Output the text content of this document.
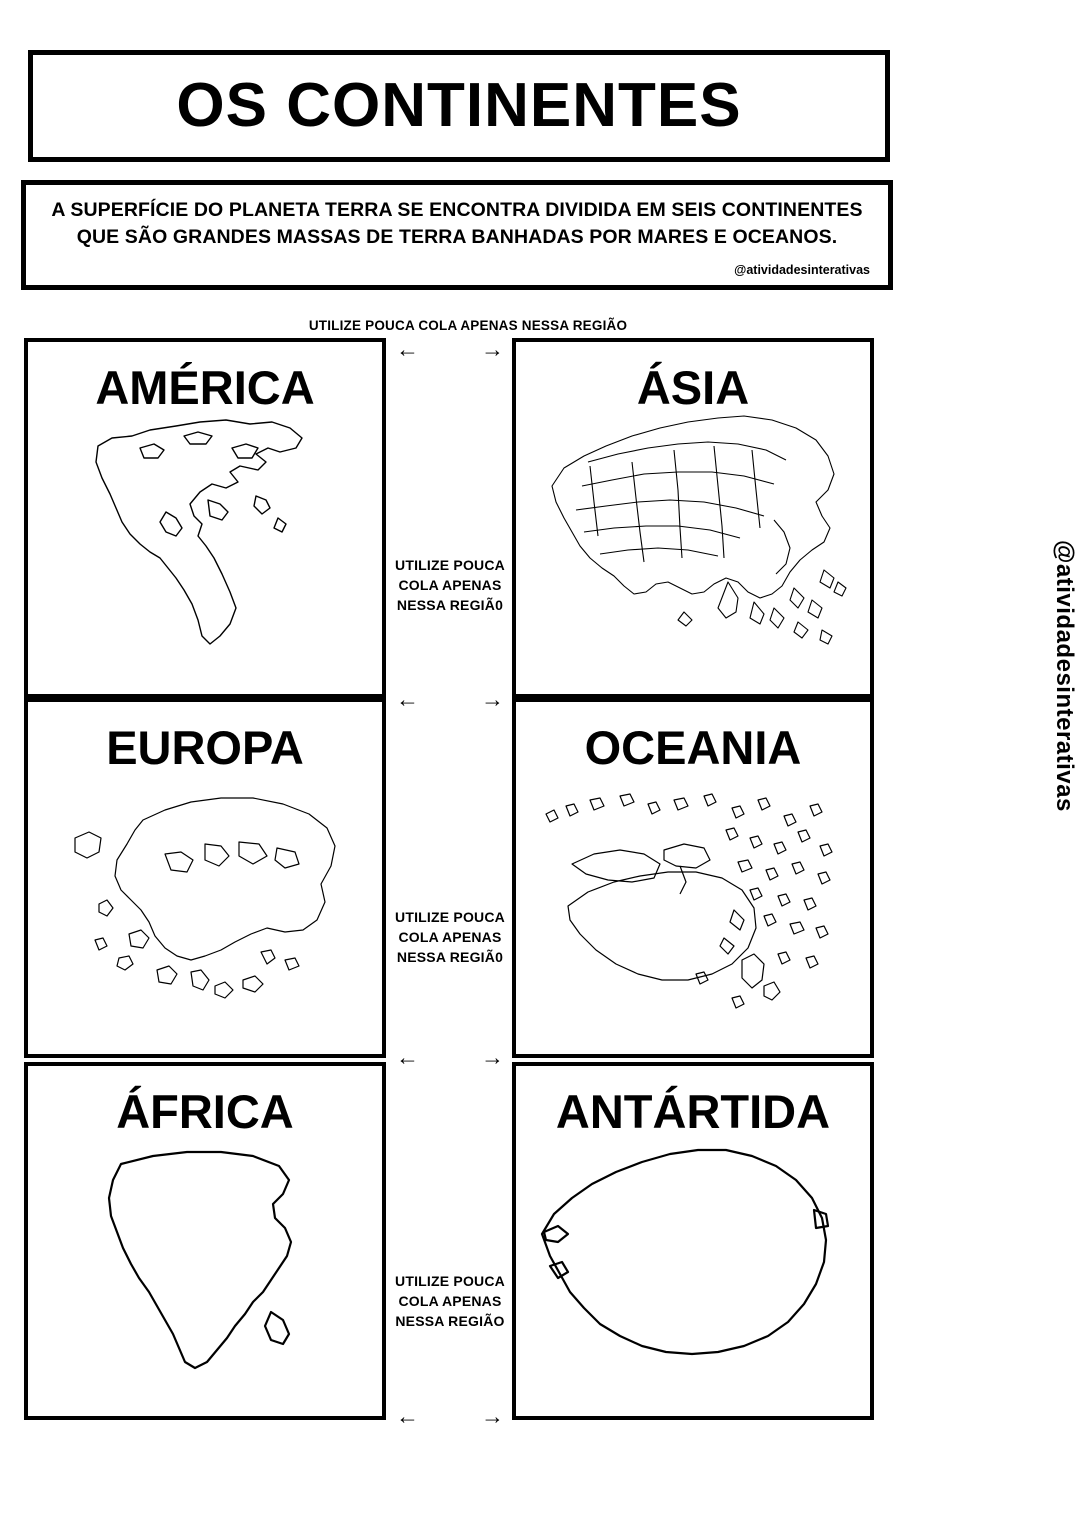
OS CONTINENTES
A SUPERFÍCIE DO PLANETA TERRA SE ENCONTRA DIVIDIDA EM SEIS CONTINENTES QUE SÃO GRANDES MASSAS DE TERRA BANHADAS POR MARES E OCEANOS.
@atividadesinterativas
UTILIZE POUCA COLA APENAS NESSA REGIÃO
←	→
←	→
←	→
←	→
UTILIZE POUCA COLA APENAS NESSA REGIÃ0
UTILIZE POUCA COLA APENAS NESSA REGIÃ0
UTILIZE POUCA COLA APENAS NESSA REGIÃO
AMÉRICA	ÁSIA
EUROPA	OCEANIA
ÁFRICA	ANTÁRTIDA
@atividadesinterativas
